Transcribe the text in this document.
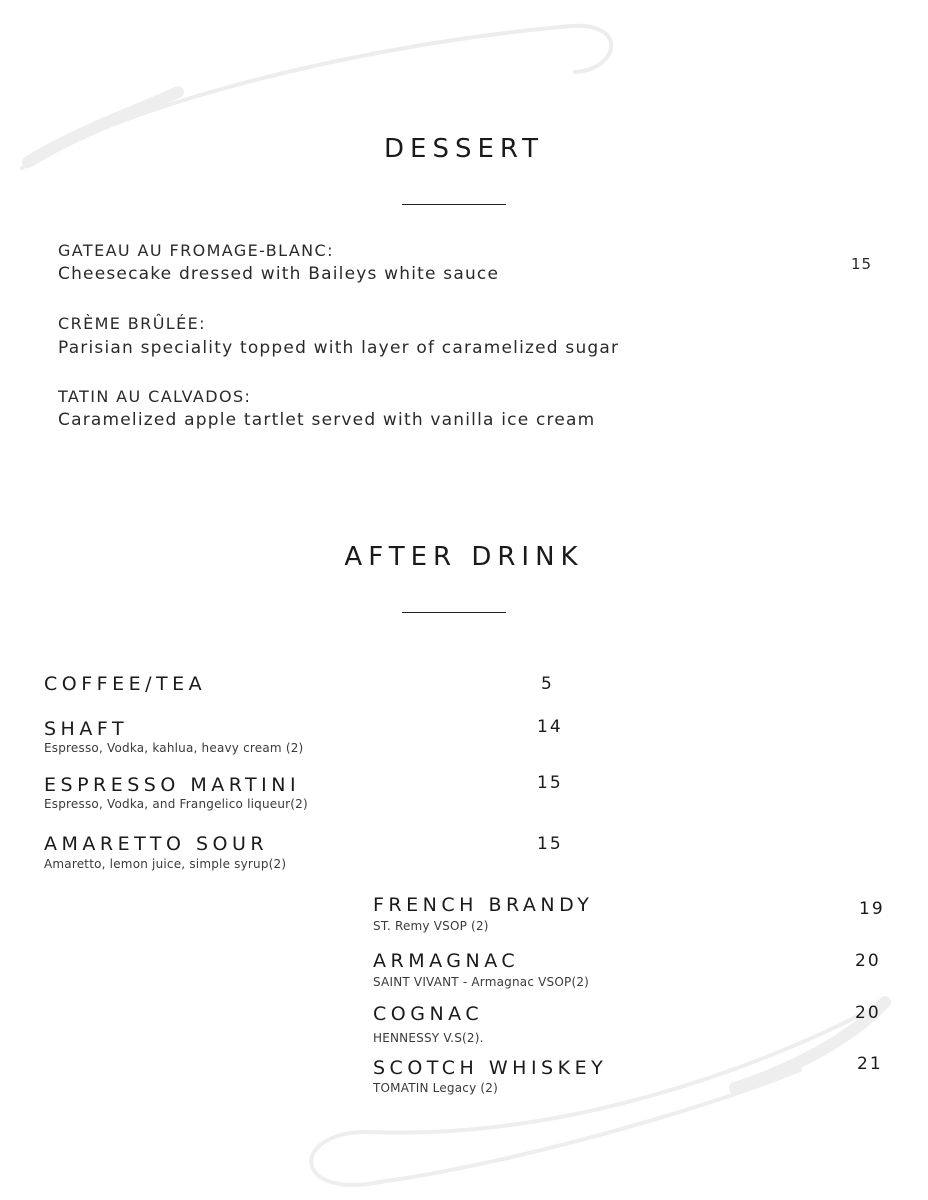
DESSERT
GATEAU AU FROMAGE-BLANC:
Cheesecake dressed with Baileys white sauce	15
CRÈME BRÛLÉE:
Parisian speciality topped with layer of caramelized sugar
TATIN AU CALVADOS:
Caramelized apple tartlet served with vanilla ice cream
AFTER DRINK
COFFEE/TEA	5
SHAFT
Espresso, Vodka, kahlua, heavy cream (2)
14
ESPRESSO MARTINI
Espresso, Vodka, and Frangelico liqueur(2)
15
AMARETTO SOUR
Amaretto, lemon juice, simple syrup(2)
15
FRENCH BRANDY
ST. Remy VSOP (2)
19
ARMAGNAC
SAINT VIVANT - Armagnac VSOP(2)
20
COGNAC
HENNESSY V.S(2).
20
SCOTCH WHISKEY
TOMATIN Legacy (2)
21
